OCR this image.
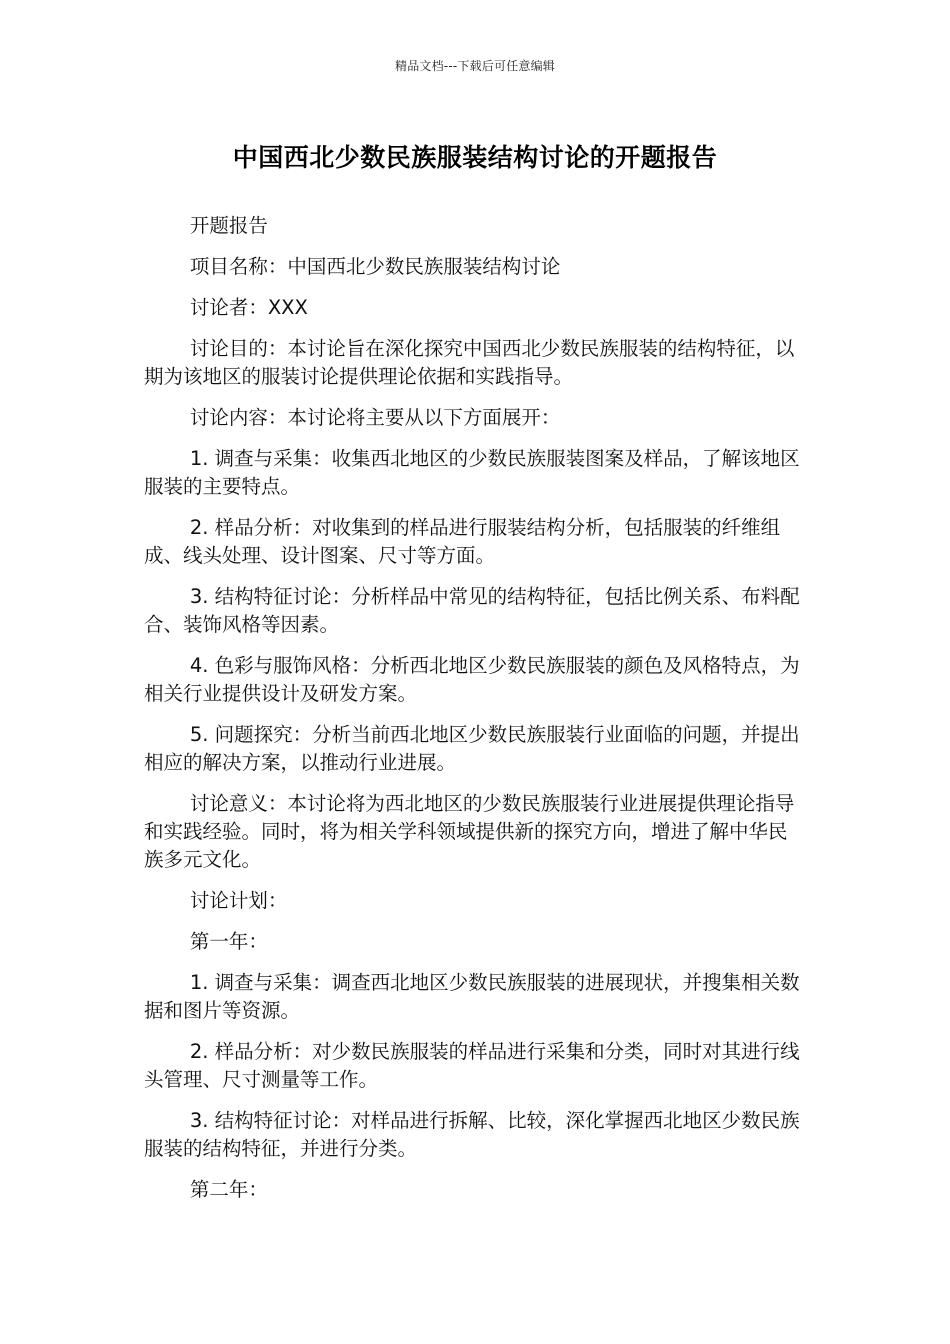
精品文档---下载后可任意编辑
中国西北少数民族服装结构讨论的开题报告

开题报告

项目名称：中国西北少数民族服装结构讨论

讨论者：XXX

讨论目的：本讨论旨在深化探究中国西北少数民族服装的结构特征，以期为该地区的服装讨论提供理论依据和实践指导。

讨论内容：本讨论将主要从以下方面展开：

1. 调查与采集：收集西北地区的少数民族服装图案及样品，了解该地区服装的主要特点。

2. 样品分析：对收集到的样品进行服装结构分析，包括服装的纤维组成、线头处理、设计图案、尺寸等方面。

3. 结构特征讨论：分析样品中常见的结构特征，包括比例关系、布料配合、装饰风格等因素。

4. 色彩与服饰风格：分析西北地区少数民族服装的颜色及风格特点，为相关行业提供设计及研发方案。

5. 问题探究：分析当前西北地区少数民族服装行业面临的问题，并提出相应的解决方案，以推动行业进展。

讨论意义：本讨论将为西北地区的少数民族服装行业进展提供理论指导和实践经验。同时，将为相关学科领域提供新的探究方向，增进了解中华民族多元文化。

讨论计划：

第一年：

1. 调查与采集：调查西北地区少数民族服装的进展现状，并搜集相关数据和图片等资源。

2. 样品分析：对少数民族服装的样品进行采集和分类，同时对其进行线头管理、尺寸测量等工作。

3. 结构特征讨论：对样品进行拆解、比较，深化掌握西北地区少数民族服装的结构特征，并进行分类。

第二年：
